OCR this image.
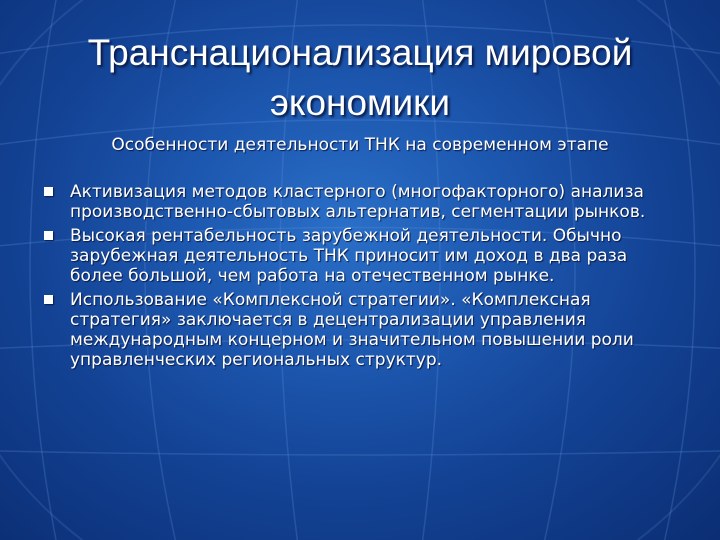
Транснационализация мировой экономики
Особенности деятельности ТНК на современном этапе
Активизация методов кластерного (многофакторного) анализа производственно-сбытовых альтернатив, сегментации рынков.
Высокая рентабельность зарубежной деятельности. Обычно зарубежная деятельность ТНК приносит им доход в два раза более большой, чем работа на отечественном рынке.
Использование «Комплексной стратегии». «Комплексная стратегия» заключается в децентрализации управления международным концерном и значительном повышении роли управленческих региональных структур.
